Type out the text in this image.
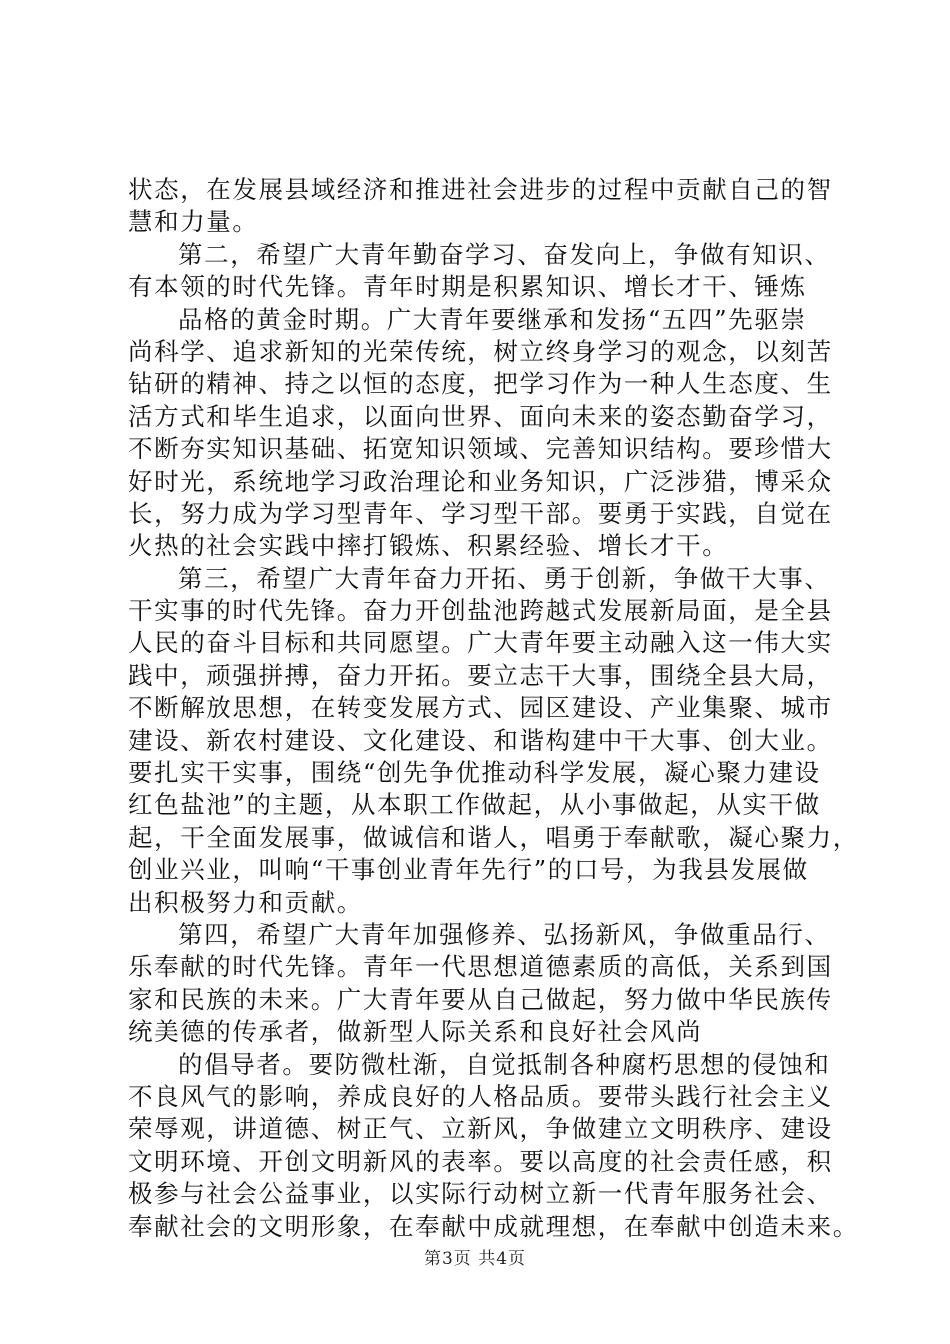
状态，在发展县域经济和推进社会进步的过程中贡献自己的智
慧和力量。
第二，希望广大青年勤奋学习、奋发向上，争做有知识、
有本领的时代先锋。青年时期是积累知识、增长才干、锤炼
品格的黄金时期。广大青年要继承和发扬“五四”先驱崇
尚科学、追求新知的光荣传统，树立终身学习的观念，以刻苦
钻研的精神、持之以恒的态度，把学习作为一种人生态度、生
活方式和毕生追求，以面向世界、面向未来的姿态勤奋学习，
不断夯实知识基础、拓宽知识领域、完善知识结构。要珍惜大
好时光，系统地学习政治理论和业务知识，广泛涉猎，博采众
长，努力成为学习型青年、学习型干部。要勇于实践，自觉在
火热的社会实践中摔打锻炼、积累经验、增长才干。
第三，希望广大青年奋力开拓、勇于创新，争做干大事、
干实事的时代先锋。奋力开创盐池跨越式发展新局面，是全县
人民的奋斗目标和共同愿望。广大青年要主动融入这一伟大实
践中，顽强拼搏，奋力开拓。要立志干大事，围绕全县大局，
不断解放思想，在转变发展方式、园区建设、产业集聚、城市
建设、新农村建设、文化建设、和谐构建中干大事、创大业。
要扎实干实事，围绕“创先争优推动科学发展，凝心聚力建设
红色盐池”的主题，从本职工作做起，从小事做起，从实干做
起，干全面发展事，做诚信和谐人，唱勇于奉献歌，凝心聚力，
创业兴业，叫响“干事创业青年先行”的口号，为我县发展做
出积极努力和贡献。
第四，希望广大青年加强修养、弘扬新风，争做重品行、
乐奉献的时代先锋。青年一代思想道德素质的高低，关系到国
家和民族的未来。广大青年要从自己做起，努力做中华民族传
统美德的传承者，做新型人际关系和良好社会风尚
的倡导者。要防微杜渐，自觉抵制各种腐朽思想的侵蚀和
不良风气的影响，养成良好的人格品质。要带头践行社会主义
荣辱观，讲道德、树正气、立新风，争做建立文明秩序、建设
文明环境、开创文明新风的表率。要以高度的社会责任感，积
极参与社会公益事业，以实际行动树立新一代青年服务社会、
奉献社会的文明形象，在奉献中成就理想，在奉献中创造未来。
第3页 共4页
